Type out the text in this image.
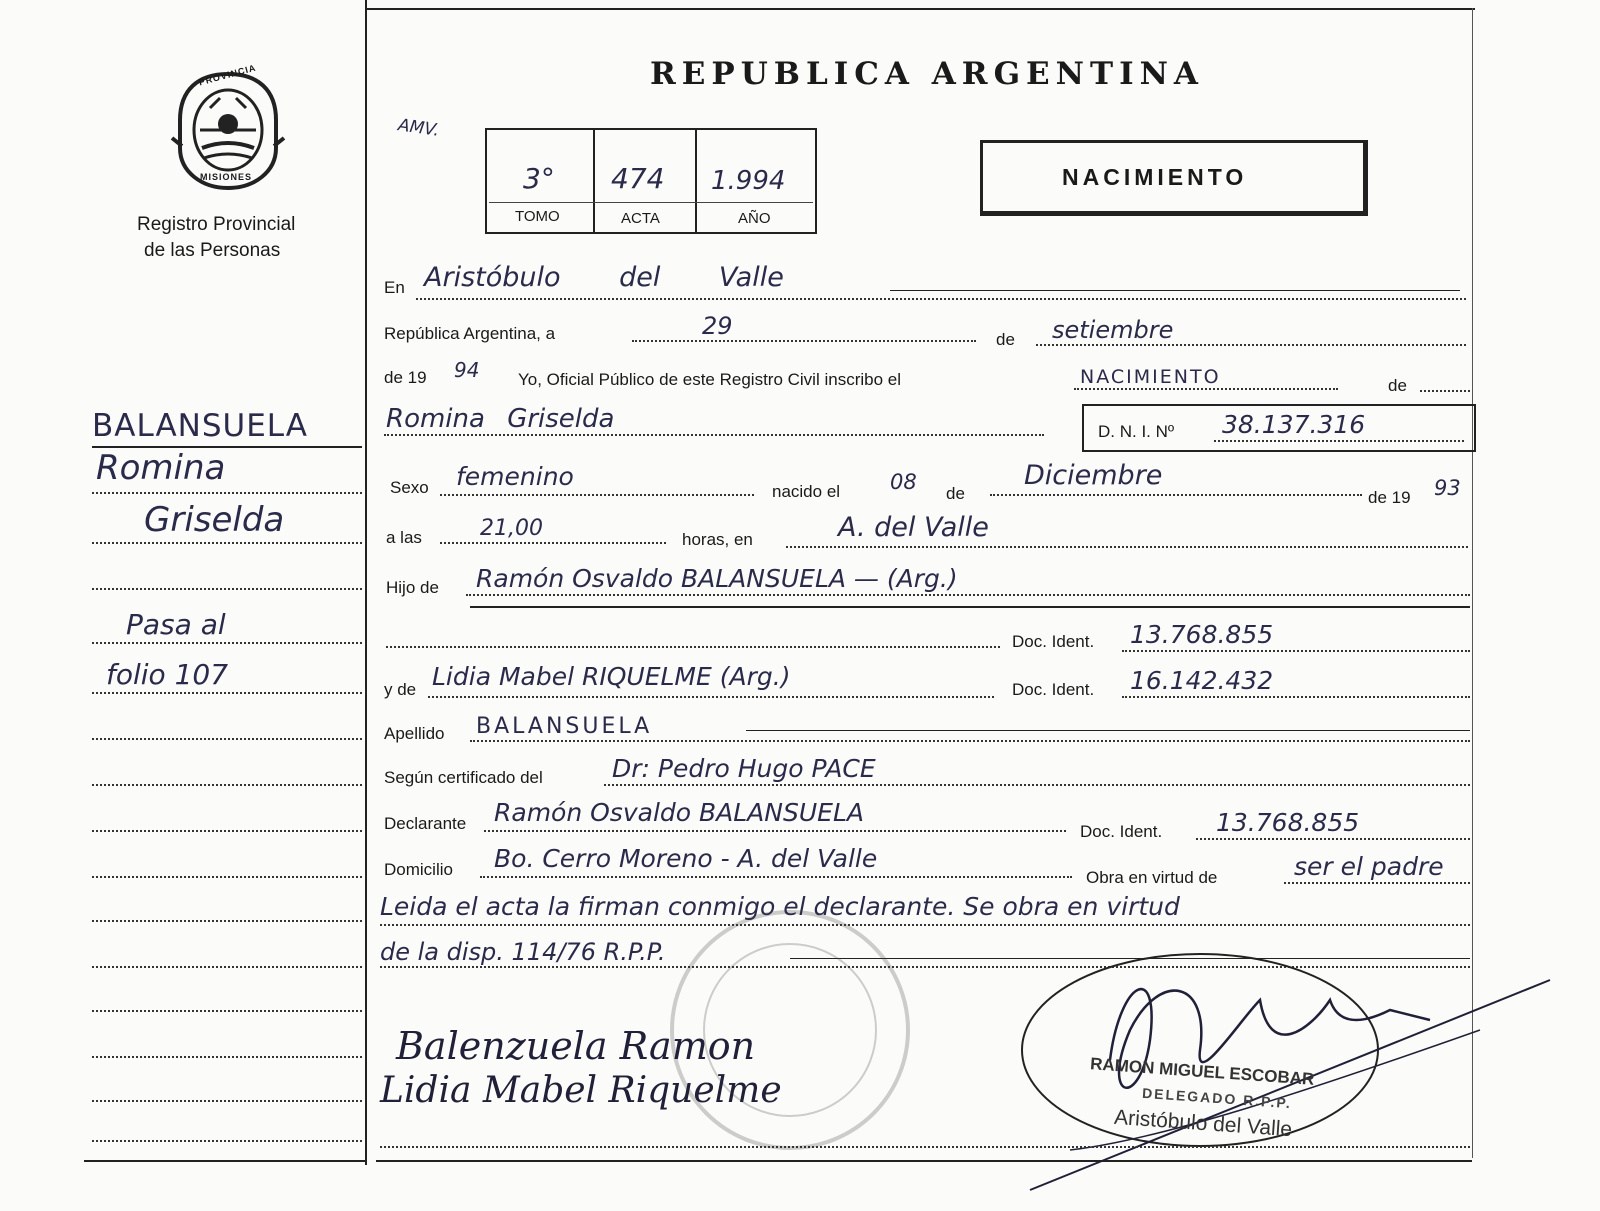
PROVINCIA
MISIONES
Registro Provincial
de las Personas
REPUBLICA ARGENTINA
AMV.
3° 474 1.994
TOMO	ACTA	AÑO
NACIMIENTO
BALANSUELA
Romina
Griselda
Pasa al
folio 107
En Aristóbulo del Valle
República Argentina, a	29	de setiembre
de 19 94 Yo, Oficial Público de este Registro Civil inscribo el	NACIMIENTO	de
Romina Griselda	D. N. I. Nº 38.137.316
Sexo femenino
nacido el 08 de
Diciembre
de 19 93
a las	21,00	horas, en	A. del Valle
Hijo de Ramón Osvaldo BALANSUELA — (Arg.)
Doc. Ident. 13.768.855
y de Lidia Mabel RIQUELME (Arg.)	Doc. Ident. 16.142.432
Apellido BALANSUELA
Según certificado del	Dr: Pedro Hugo PACE
Declarante Ramón Osvaldo BALANSUELA
Doc. Ident. 13.768.855
Domicilio Bo. Cerro Moreno - A. del Valle
Obra en virtud de	ser el padre
Leida el acta la firman conmigo el declarante. Se obra en virtud
de la disp. 114/76 R.P.P.
Balenzuela Ramon
Lidia Mabel Riquelme	RAMON MIGUEL ESCOBAR
DELEGADO R.P.P.
Aristóbulo del Valle
